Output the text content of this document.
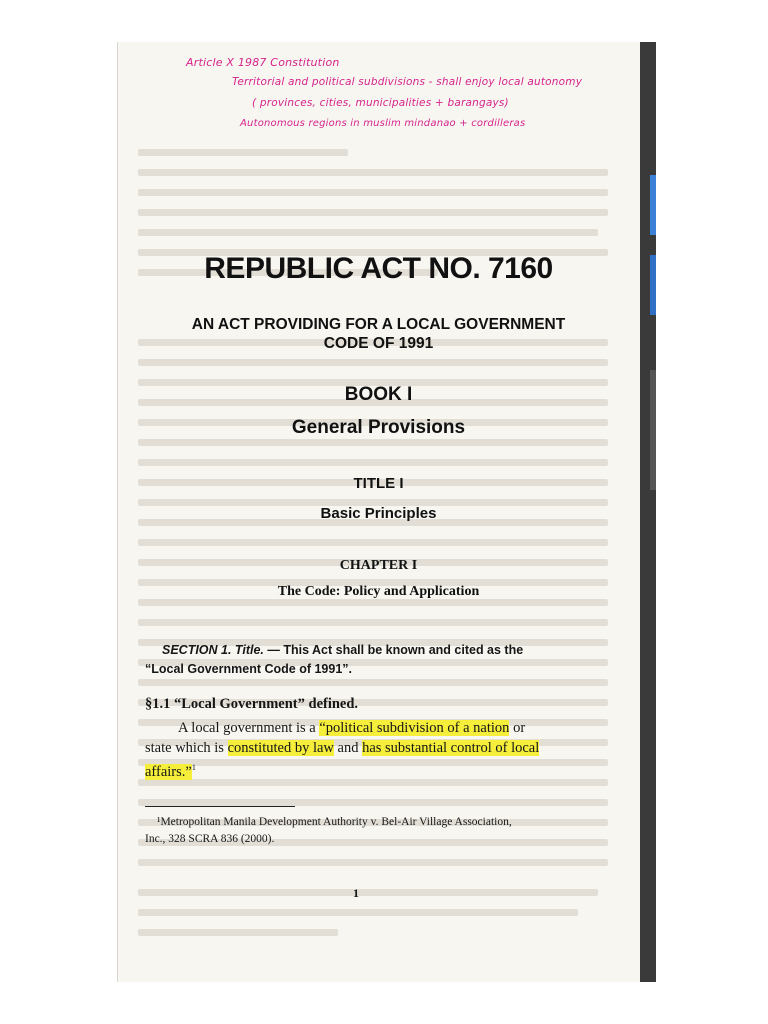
Article X 1987 Constitution
Territorial and political subdivisions - shall enjoy local autonomy
( provinces, cities, municipalities + barangays)
Autonomous regions in muslim mindanao + cordilleras
REPUBLIC ACT NO. 7160
AN ACT PROVIDING FOR A LOCAL GOVERNMENT
CODE OF 1991
BOOK I
General Provisions
TITLE I
Basic Principles
CHAPTER I
The Code: Policy and Application
SECTION 1. Title. — This Act shall be known and cited as the
“Local Government Code of 1991”.
§1.1 “Local Government” defined.
A local government is a “political subdivision of a nation or
state which is constituted by law and has substantial control of local
affairs.”$^1$
¹Metropolitan Manila Development Authority v. Bel-Air Village Association,
Inc., 328 SCRA 836 (2000).
1
